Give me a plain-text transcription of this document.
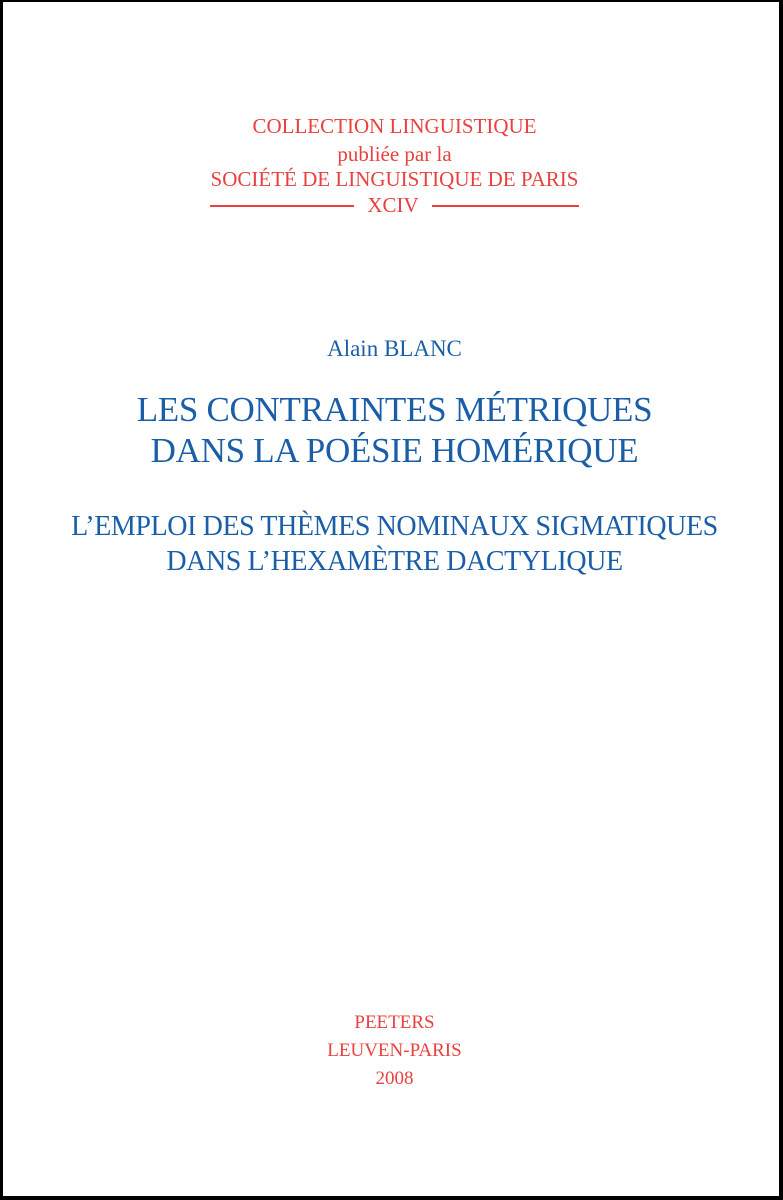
COLLECTION LINGUISTIQUE
publiée par la
SOCIÉTÉ DE LINGUISTIQUE DE PARIS
XCIV
Alain BLANC
LES CONTRAINTES MÉTRIQUES
DANS LA POÉSIE HOMÉRIQUE
L’EMPLOI DES THÈMES NOMINAUX SIGMATIQUES
DANS L’HEXAMÈTRE DACTYLIQUE
PEETERS
LEUVEN-PARIS
2008
